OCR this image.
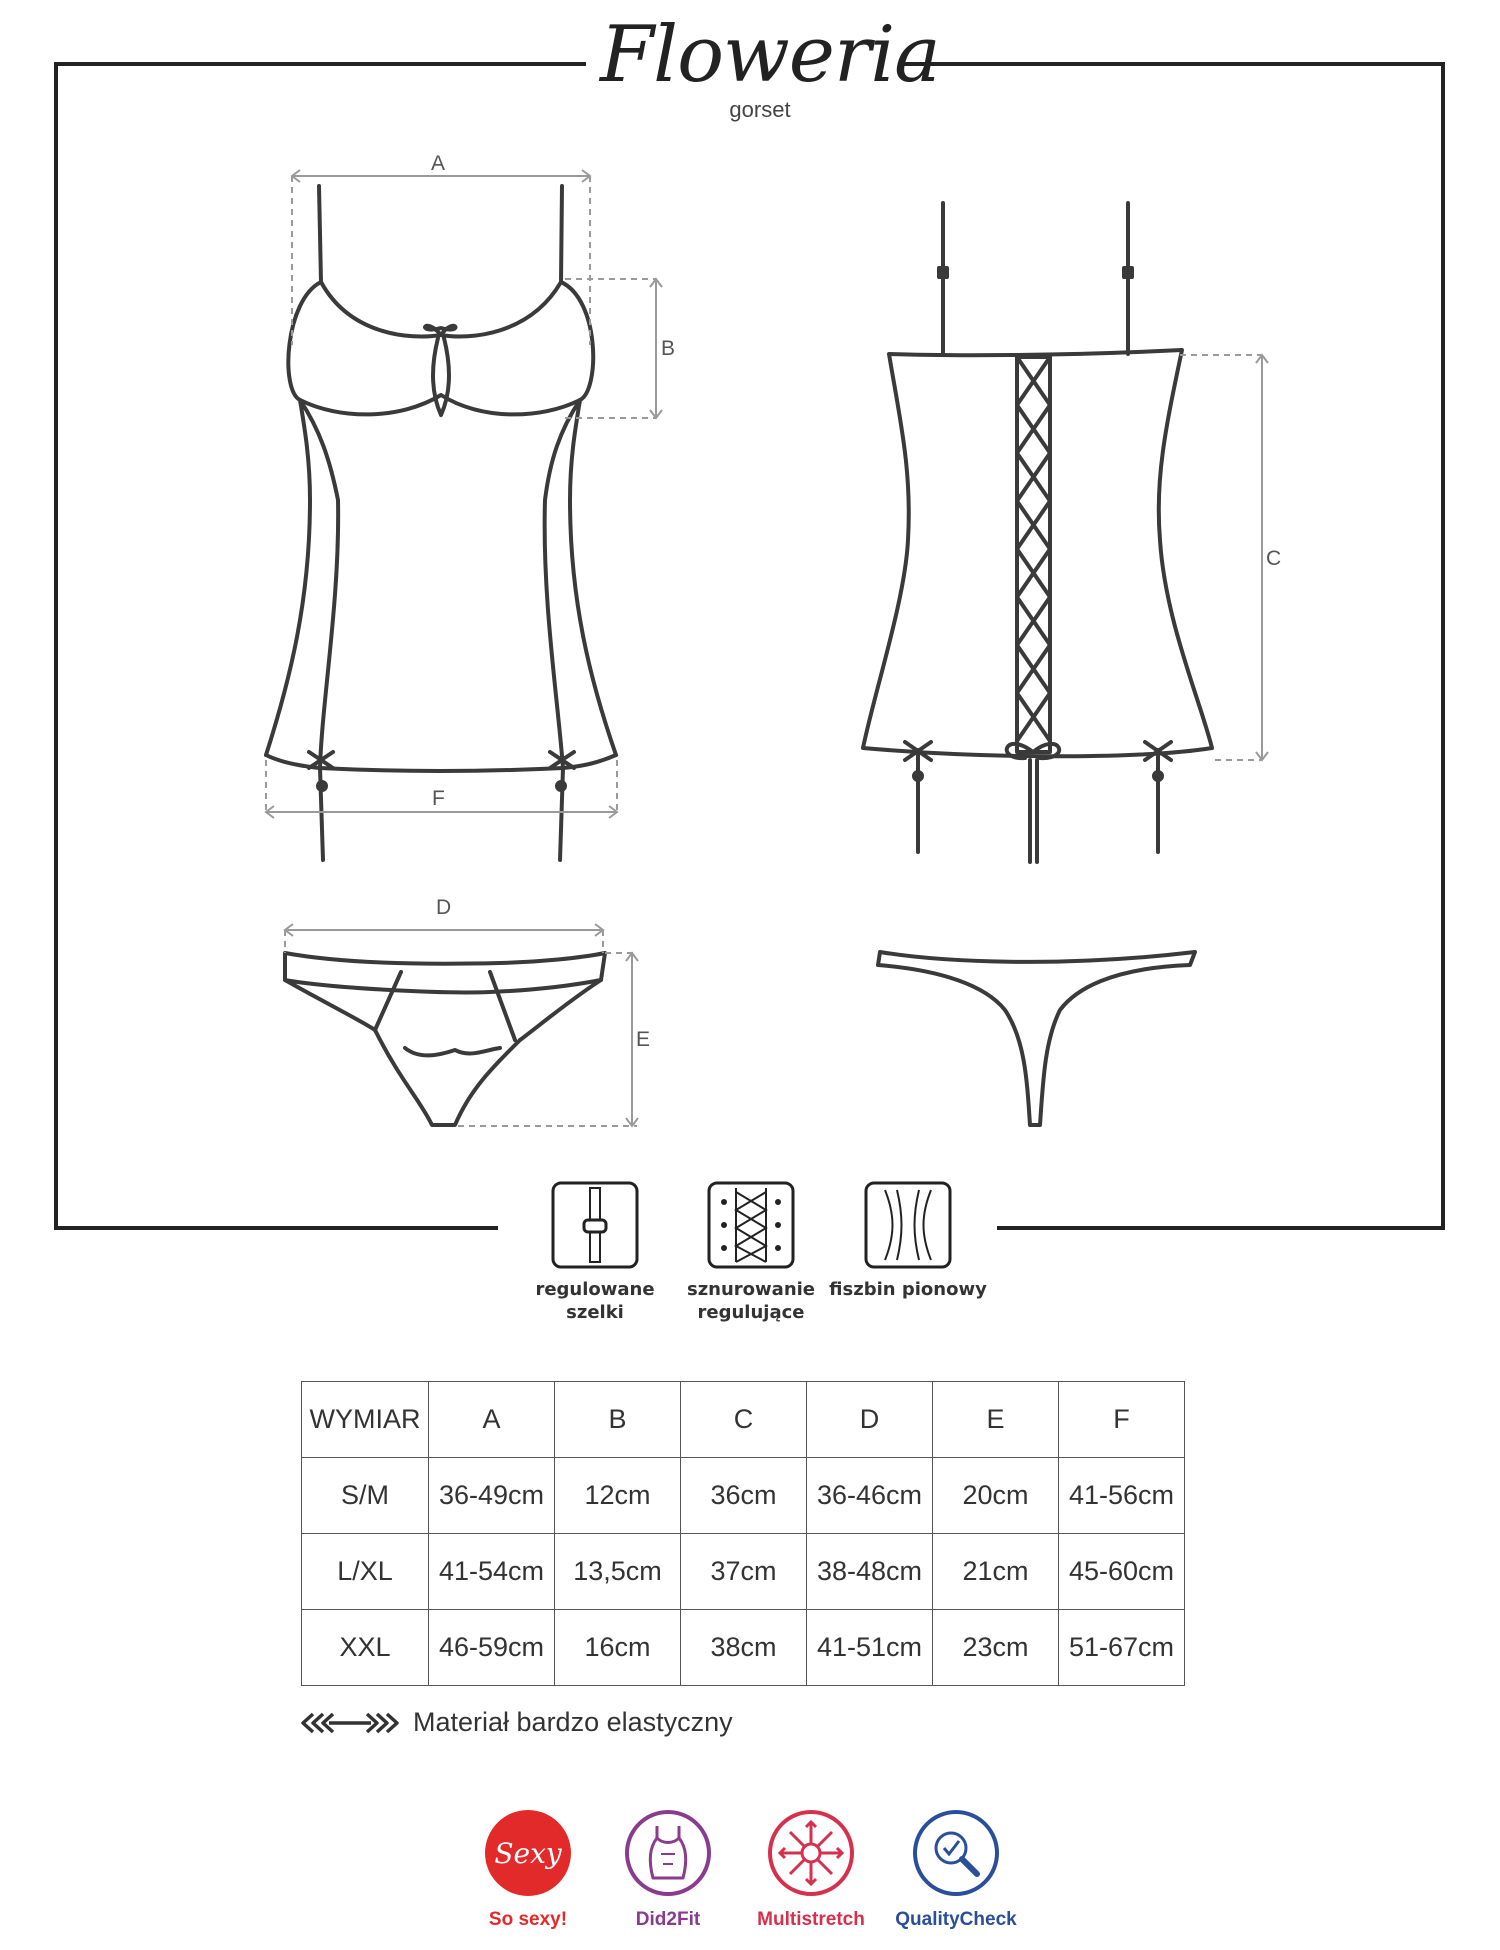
Floweria
gorset
A
B
C
D
E
F
regulowane
szelki
sznurowanie
regulujące
fiszbin pionowy
WYMIAR	A	B	C	D	E	F
S/M	36-49cm	12cm	36cm	36-46cm	20cm	41-56cm
L/XL	41-54cm	13,5cm	37cm	38-48cm	21cm	45-60cm
XXL	46-59cm	16cm	38cm	41-51cm	23cm	51-67cm
Materiał bardzo elastyczny
Sexy
So sexy!	Did2Fit	Multistretch	QualityCheck
